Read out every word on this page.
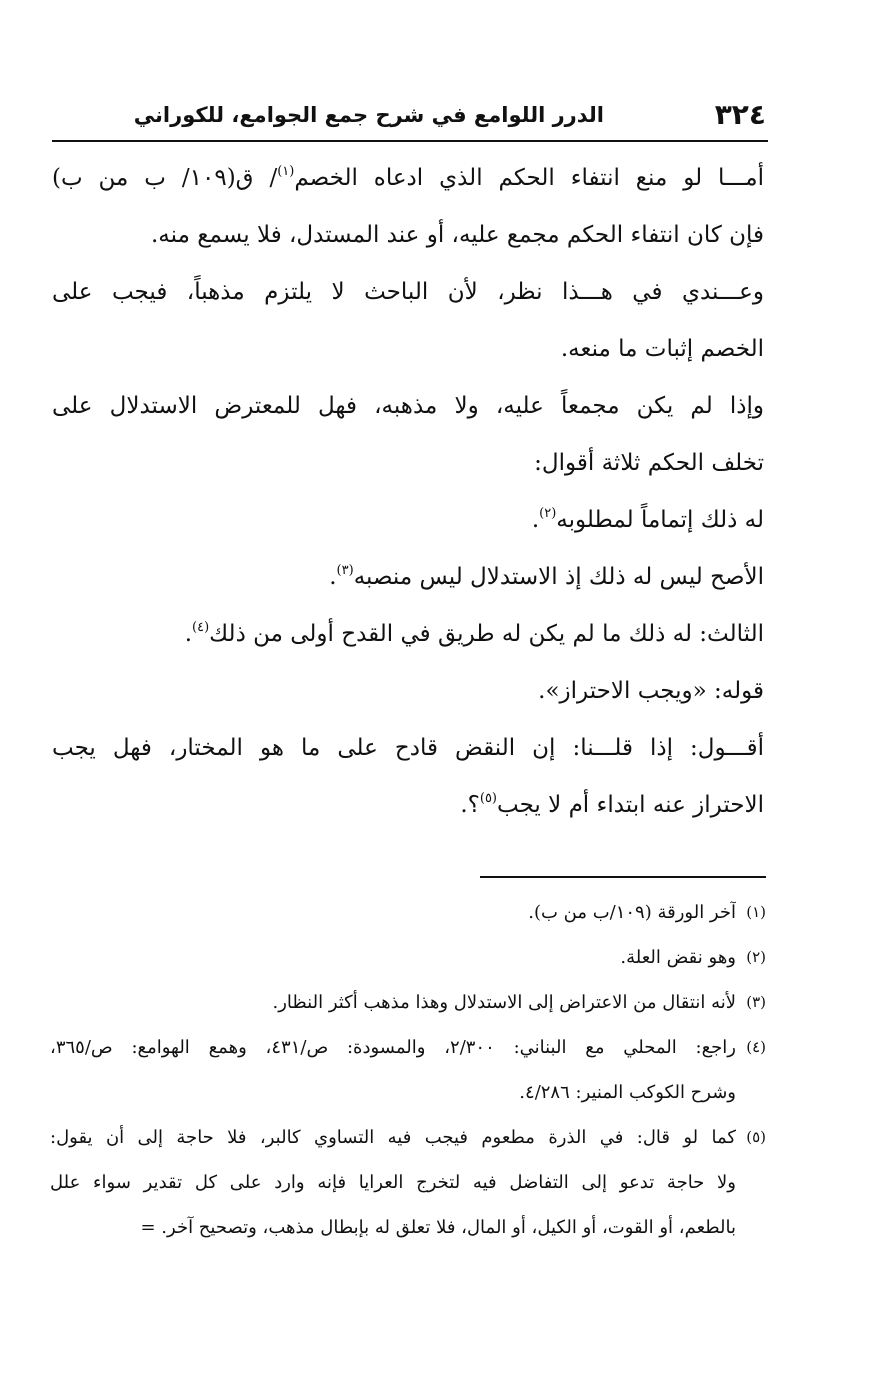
٣٢٤
الدرر اللوامع في شرح جمع الجوامع، للكوراني
أمـــا لو منع انتفاء الحكم الذي ادعاه الخصم$^{(١)}$/ ق(١٠٩/ ب من ب)
فإن كان انتفاء الحكم مجمع عليه، أو عند المستدل، فلا يسمع منه.
وعـــندي في هـــذا نظر، لأن الباحث لا يلتزم مذهباً، فيجب على
الخصم إثبات ما منعه.
وإذا لم يكن مجمعاً عليه، ولا مذهبه، فهل للمعترض الاستدلال على
تخلف الحكم ثلاثة أقوال:
له ذلك إتماماً لمطلوبه$^{(٢)}$.
الأصح ليس له ذلك إذ الاستدلال ليس منصبه$^{(٣)}$.
الثالث: له ذلك ما لم يكن له طريق في القدح أولى من ذلك$^{(٤)}$.
قوله: «ويجب الاحتراز».
أقـــول: إذا قلـــنا: إن النقض قادح على ما هو المختار، فهل يجب
الاحتراز عنه ابتداء أم لا يجب$^{(٥)}$؟.
(١)
آخر الورقة (١٠٩/ب من ب).
(٢)
وهو نقض العلة.
(٣)
لأنه انتقال من الاعتراض إلى الاستدلال وهذا مذهب أكثر النظار.
(٤)
راجع: المحلي مع البناني: ٢/٣٠٠، والمسودة: ص/٤٣١، وهمع الهوامع: ص/٣٦٥،
وشرح الكوكب المنير: ٤/٢٨٦.
(٥)
كما لو قال: في الذرة مطعوم فيجب فيه التساوي كالبر، فلا حاجة إلى أن يقول:
ولا حاجة تدعو إلى التفاضل فيه لتخرج العرايا فإنه وارد على كل تقدير سواء علل
بالطعم، أو القوت، أو الكيل، أو المال، فلا تعلق له بإبطال مذهب، وتصحيح آخر. =
